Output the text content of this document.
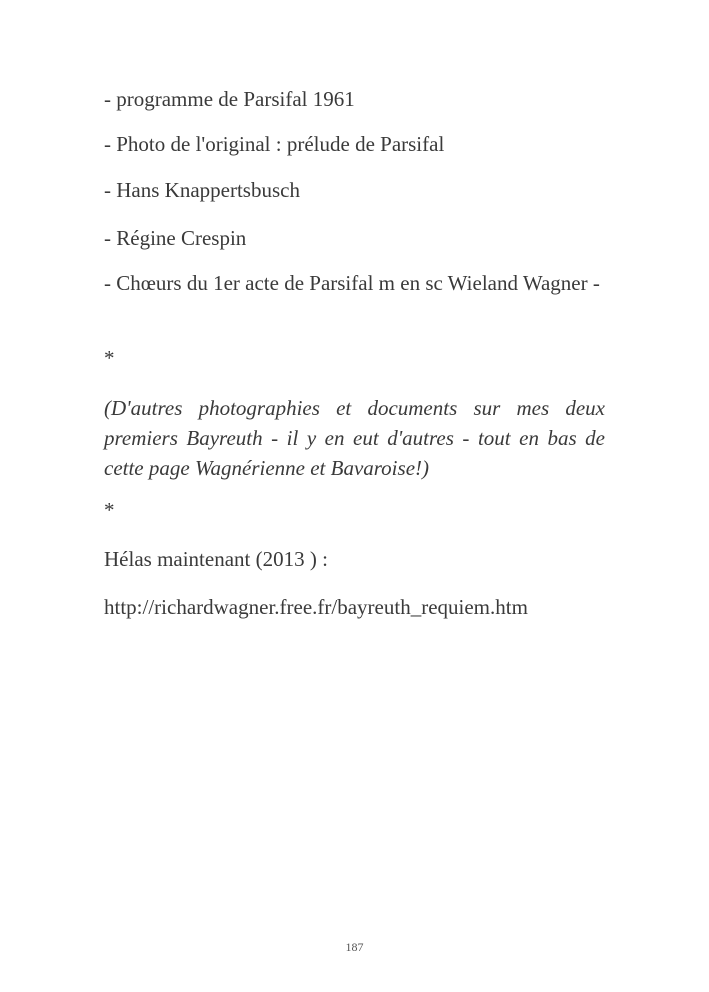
- programme de Parsifal 1961

- Photo de l'original : prélude de Parsifal

- Hans Knappertsbusch

- Régine Crespin

- Chœurs du 1er acte de Parsifal m en sc Wieland Wagner -

*

(D'autres photographies et documents sur mes deux premiers Bayreuth - il y en eut d'autres - tout en bas de cette page Wagnérienne et Bavaroise!)

*

Hélas maintenant (2013 ) :

http://richardwagner.free.fr/bayreuth_requiem.htm

187
